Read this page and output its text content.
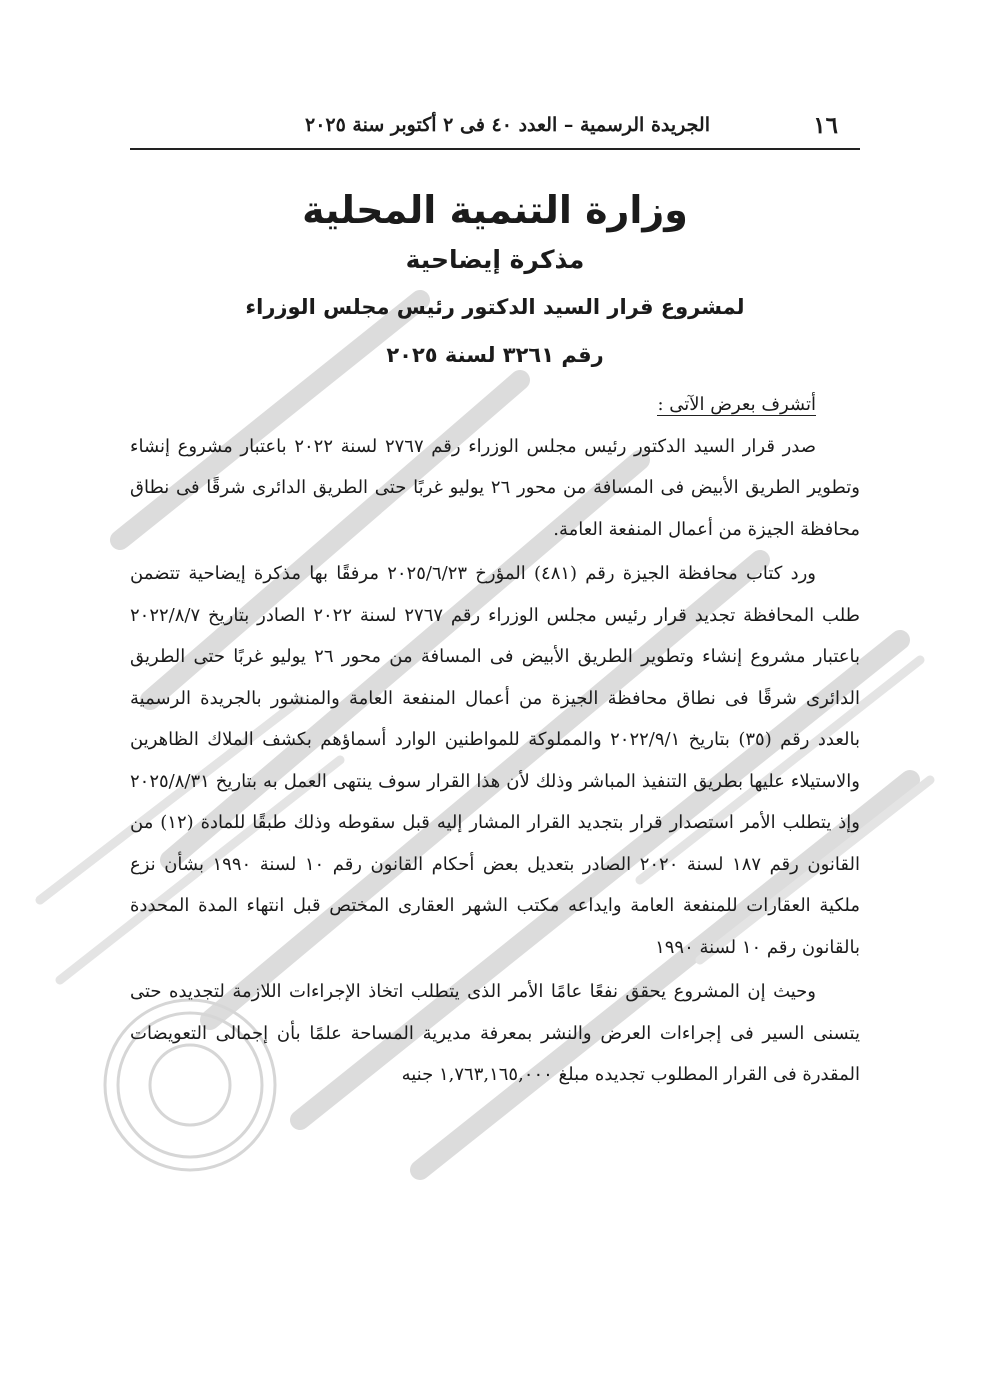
١٦
الجريدة الرسمية – العدد ٤٠ فى ٢ أكتوبر سنة ٢٠٢٥
وزارة التنمية المحلية
مذكرة إيضاحية
لمشروع قرار السيد الدكتور رئيس مجلس الوزراء
رقم ٣٢٦١ لسنة ٢٠٢٥

أتشرف بعرض الآتى :

صدر قرار السيد الدكتور رئيس مجلس الوزراء رقم ٢٧٦٧ لسنة ٢٠٢٢ باعتبار مشروع إنشاء وتطوير الطريق الأبيض فى المسافة من محور ٢٦ يوليو غربًا حتى الطريق الدائرى شرقًا فى نطاق محافظة الجيزة من أعمال المنفعة العامة.

ورد كتاب محافظة الجيزة رقم (٤٨١) المؤرخ ٢٠٢٥/٦/٢٣ مرفقًا بها مذكرة إيضاحية تتضمن طلب المحافظة تجديد قرار رئيس مجلس الوزراء رقم ٢٧٦٧ لسنة ٢٠٢٢ الصادر بتاريخ ٢٠٢٢/٨/٧ باعتبار مشروع إنشاء وتطوير الطريق الأبيض فى المسافة من محور ٢٦ يوليو غربًا حتى الطريق الدائرى شرقًا فى نطاق محافظة الجيزة من أعمال المنفعة العامة والمنشور بالجريدة الرسمية بالعدد رقم (٣٥) بتاريخ ٢٠٢٢/٩/١ والمملوكة للمواطنين الوارد أسماؤهم بكشف الملاك الظاهرين والاستيلاء عليها بطريق التنفيذ المباشر وذلك لأن هذا القرار سوف ينتهى العمل به بتاريخ ٢٠٢٥/٨/٣١ وإذ يتطلب الأمر استصدار قرار بتجديد القرار المشار إليه قبل سقوطه وذلك طبقًا للمادة (١٢) من القانون رقم ١٨٧ لسنة ٢٠٢٠ الصادر بتعديل بعض أحكام القانون رقم ١٠ لسنة ١٩٩٠ بشأن نزع ملكية العقارات للمنفعة العامة وايداعه مكتب الشهر العقارى المختص قبل انتهاء المدة المحددة بالقانون رقم ١٠ لسنة ١٩٩٠

وحيث إن المشروع يحقق نفعًا عامًا الأمر الذى يتطلب اتخاذ الإجراءات اللازمة لتجديده حتى يتسنى السير فى إجراءات العرض والنشر بمعرفة مديرية المساحة علمًا بأن إجمالى التعويضات المقدرة فى القرار المطلوب تجديده مبلغ ١,٧٦٣,١٦٥,٠٠٠ جنيه
